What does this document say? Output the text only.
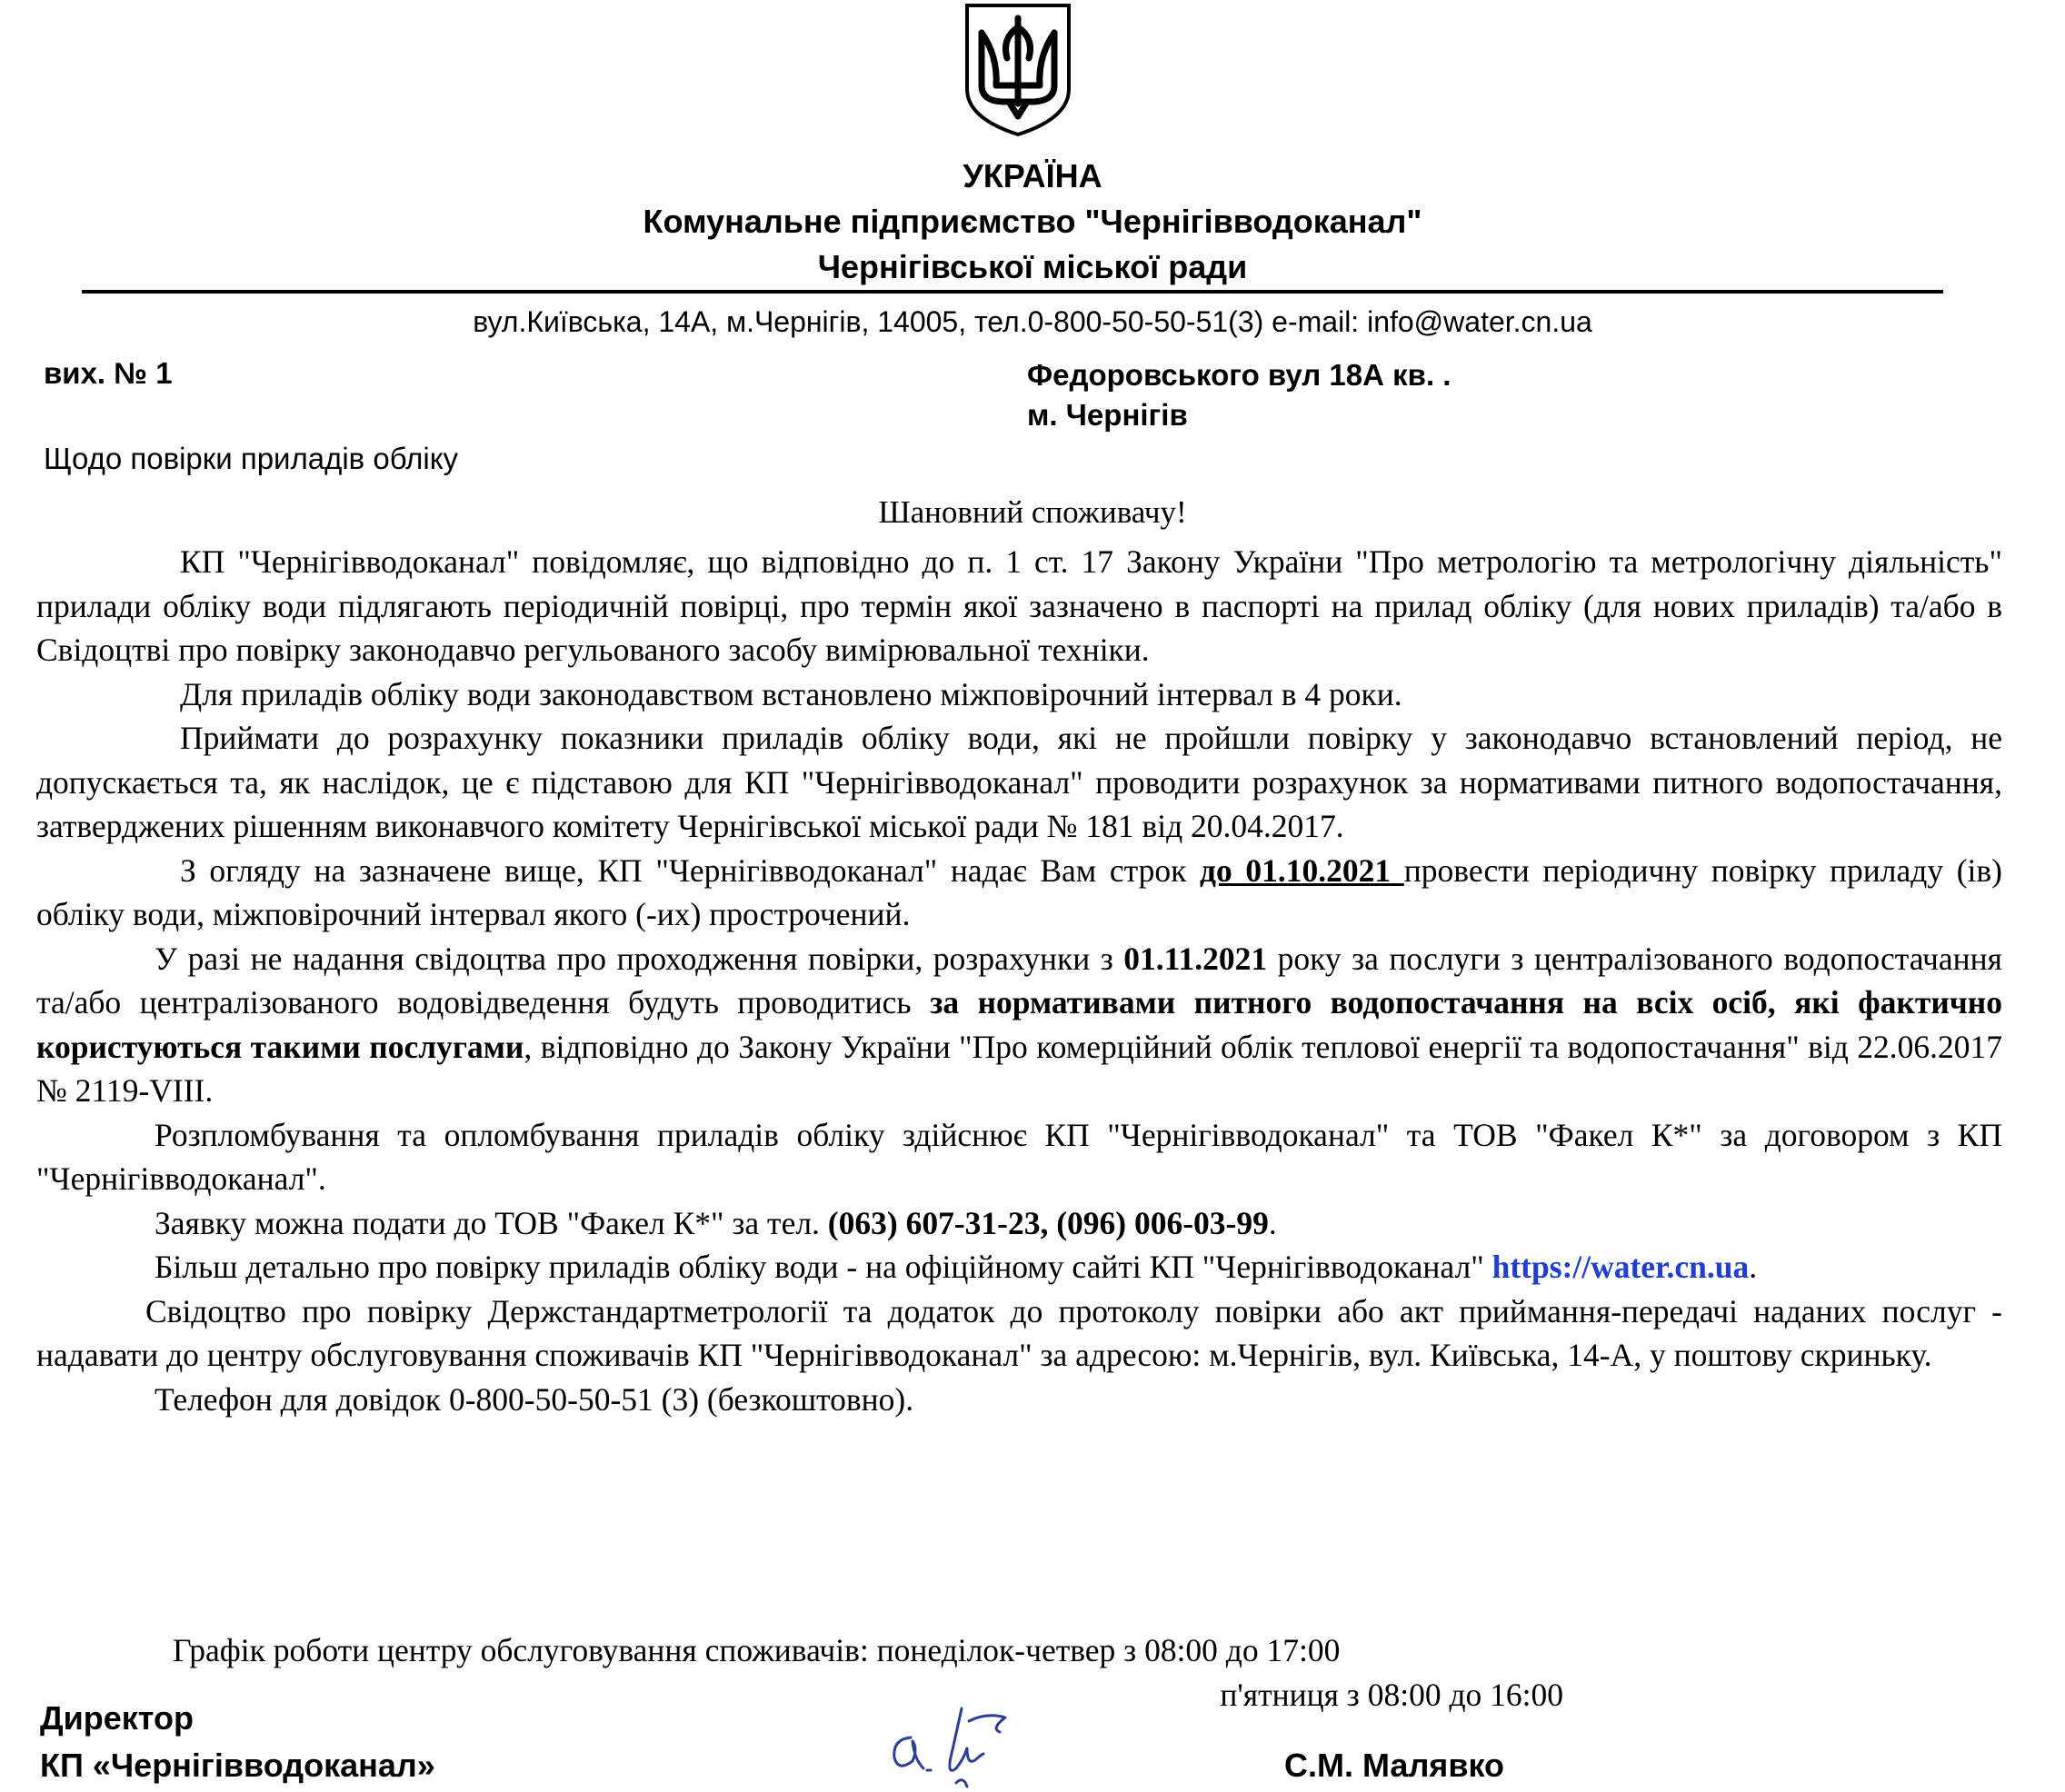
УКРАЇНА
Комунальне підприємство "Чернігівводоканал"
Чернігівської міської ради
вул.Київська, 14А, м.Чернігів, 14005, тел.0-800-50-50-51(3) e-mail: info@water.cn.ua
вих. № 1	Федоровського вул 18А кв. .
м. Чернігів
Щодо повірки приладів обліку
Шановний споживачу!

КП "Чернігівводоканал" повідомляє, що відповідно до п. 1 ст. 17 Закону України "Про метрологію та метрологічну діяльність" прилади обліку води підлягають періодичній повірці, про термін якої зазначено в паспорті на прилад обліку (для нових приладів) та/або в Свідоцтві про повірку законодавчо регульованого засобу вимірювальної техніки.

Для приладів обліку води законодавством встановлено міжповірочний інтервал в 4 роки.

Приймати до розрахунку показники приладів обліку води, які не пройшли повірку у законодавчо встановлений період, не допускається та, як наслідок, це є підставою для КП "Чернігівводоканал" проводити розрахунок за нормативами питного водопостачання, затверджених рішенням виконавчого комітету Чернігівської міської ради № 181 від 20.04.2017.

З огляду на зазначене вище, КП "Чернігівводоканал" надає Вам строк до 01.10.2021 провести періодичну повірку приладу (ів) обліку води, міжповірочний інтервал якого (-их) прострочений.

У разі не надання свідоцтва про проходження повірки, розрахунки з 01.11.2021 року за послуги з централізованого водопостачання та/або централізованого водовідведення будуть проводитись за нормативами питного водопостачання на всіх осіб, які фактично користуються такими послугами, відповідно до Закону України "Про комерційний облік теплової енергії та водопостачання" від 22.06.2017 № 2119-VIII.

Розпломбування та опломбування приладів обліку здійснює КП "Чернігівводоканал" та ТОВ "Факел К*" за договором з КП "Чернігівводоканал".

Заявку можна подати до ТОВ "Факел К*" за тел. (063) 607-31-23, (096) 006-03-99.

Більш детально про повірку приладів обліку води - на офіційному сайті КП "Чернігівводоканал" https://water.cn.ua.

Свідоцтво про повірку Держстандартметрології та додаток до протоколу повірки або акт приймання-передачі наданих послуг - надавати до центру обслуговування споживачів КП "Чернігівводоканал" за адресою: м.Чернігів, вул. Київська, 14-А, у поштову скриньку.

Телефон для довідок 0-800-50-50-51 (3) (безкоштовно).

Графік роботи центру обслуговування споживачів: понеділок-четвер з 08:00 до 17:00
п'ятниця з 08:00 до 16:00
Директор
КП «Чернігівводоканал»	С.М. Малявко
